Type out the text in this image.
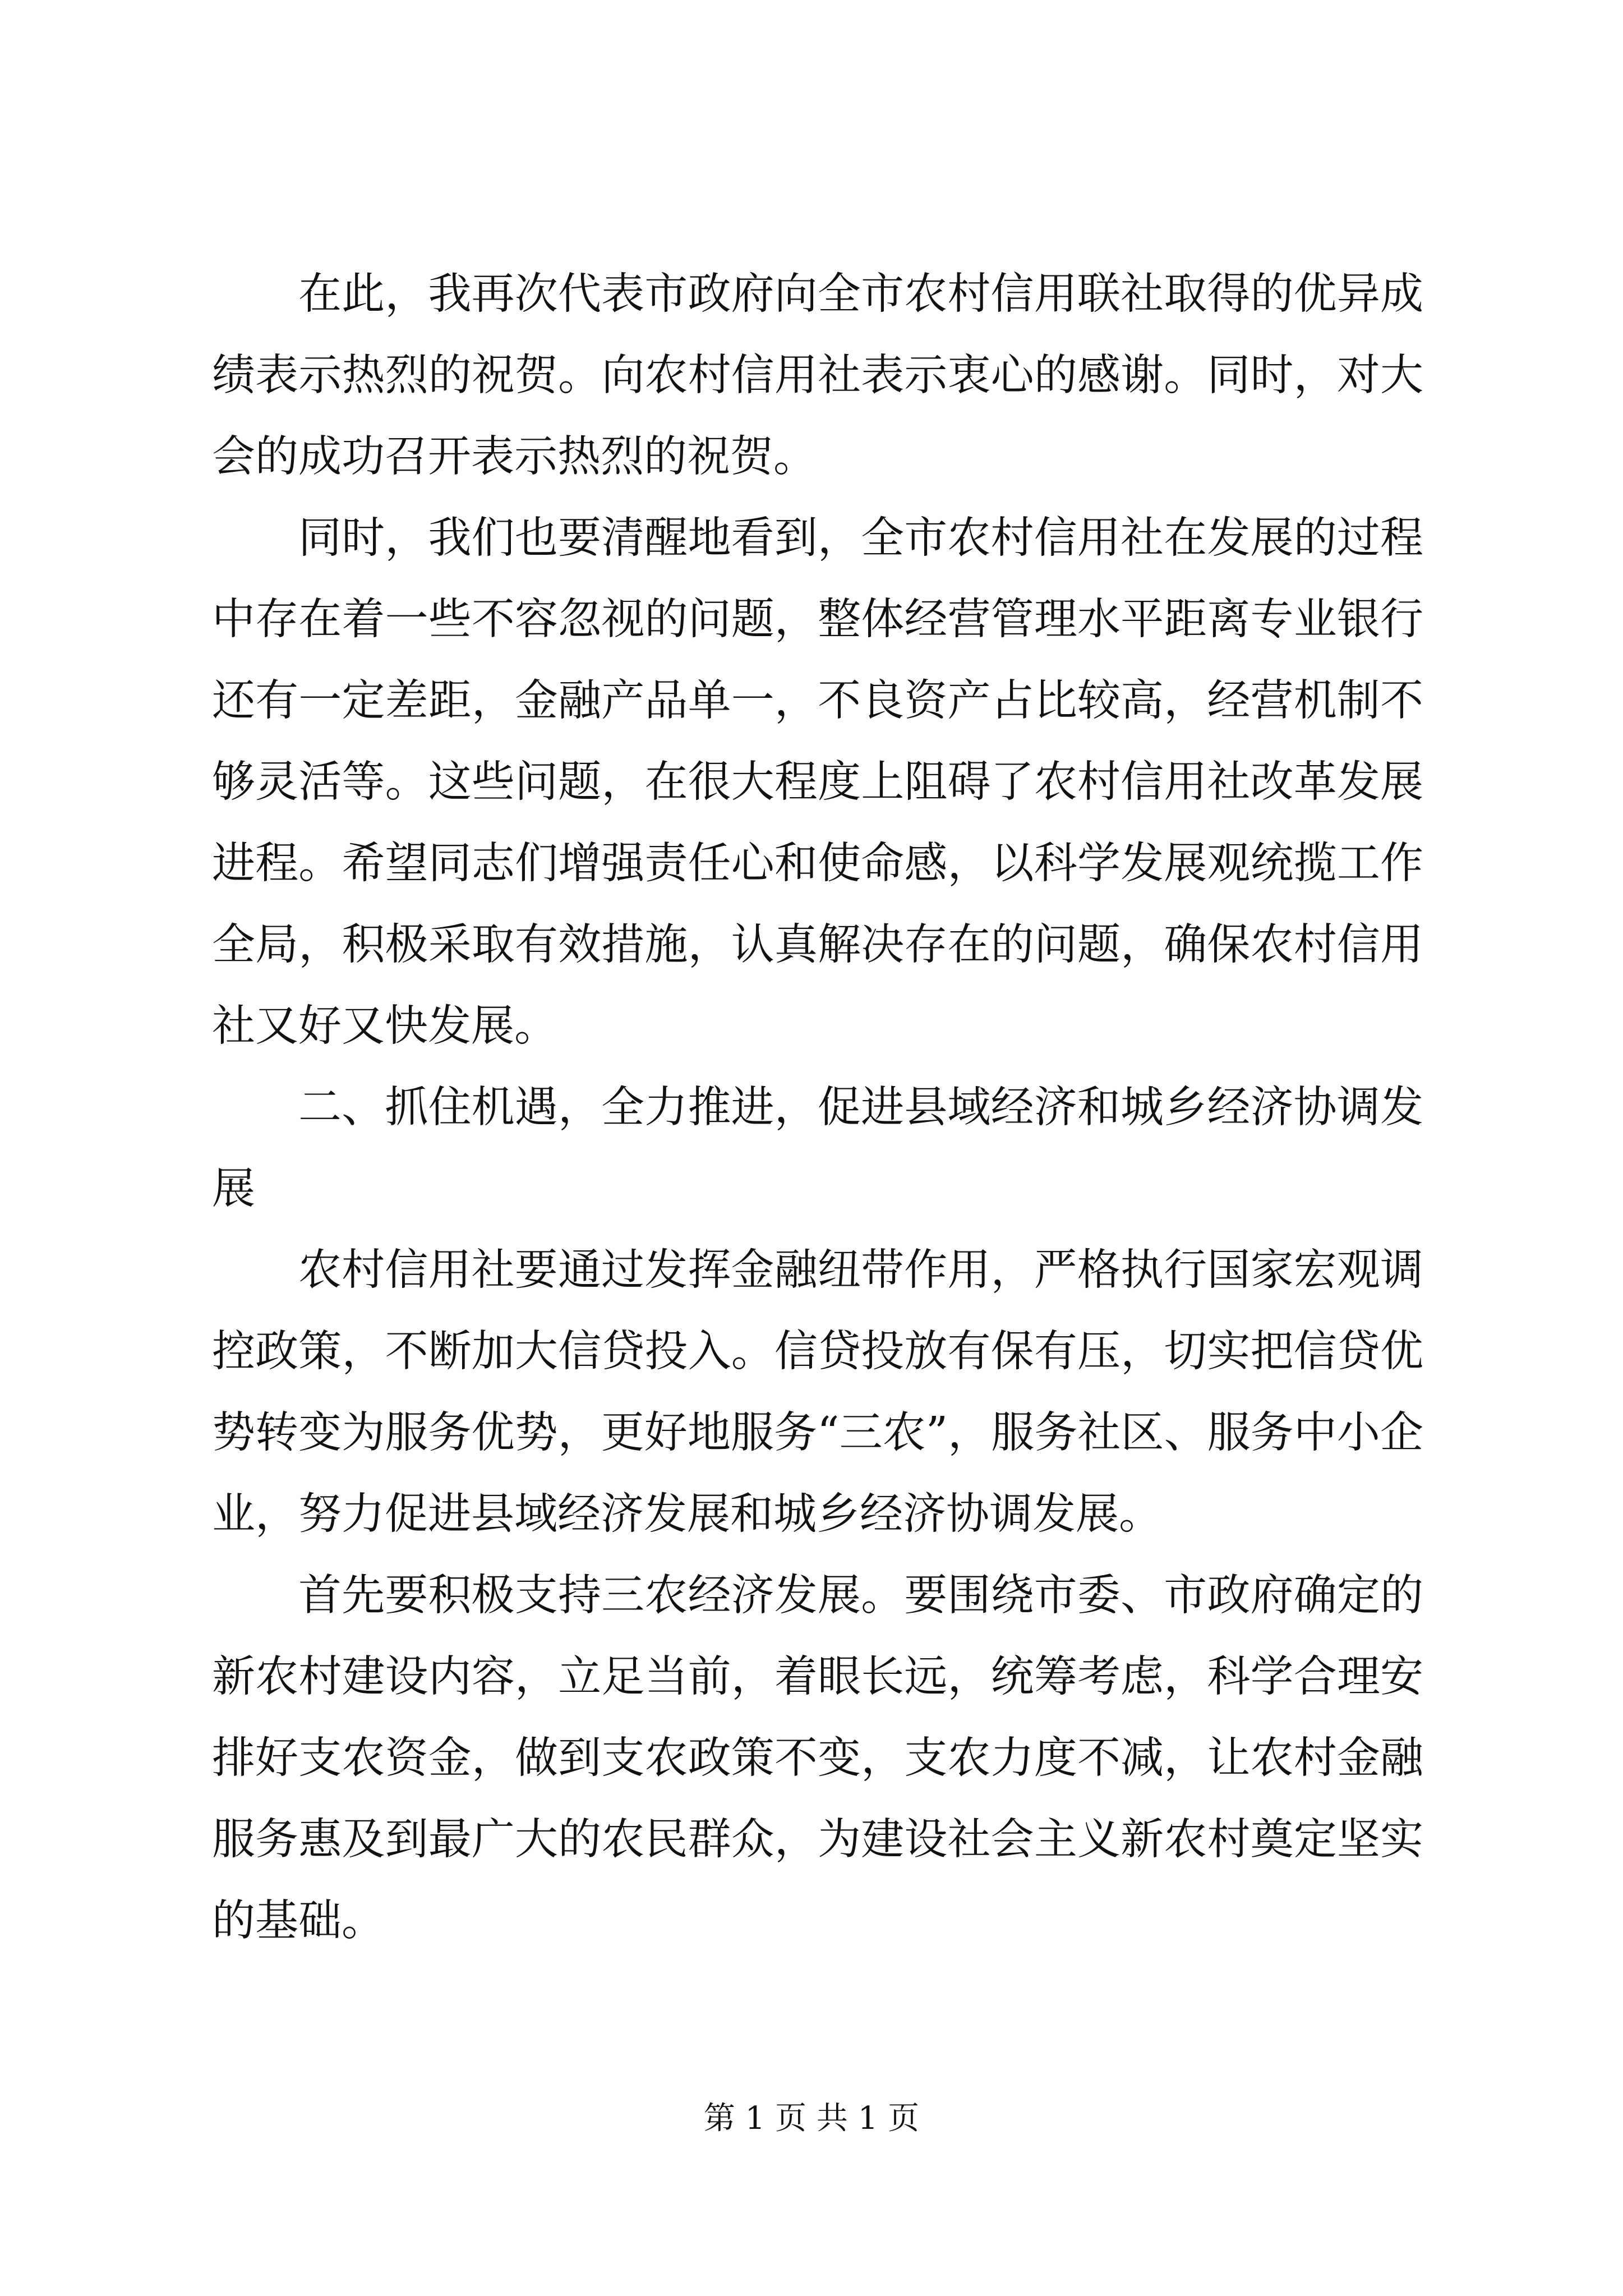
在此，我再次代表市政府向全市农村信用联社取得的优异成绩表示热烈的祝贺。向农村信用社表示衷心的感谢。同时，对大会的成功召开表示热烈的祝贺。

同时，我们也要清醒地看到，全市农村信用社在发展的过程中存在着一些不容忽视的问题，整体经营管理水平距离专业银行还有一定差距，金融产品单一，不良资产占比较高，经营机制不够灵活等。这些问题，在很大程度上阻碍了农村信用社改革发展进程。希望同志们增强责任心和使命感，以科学发展观统揽工作全局，积极采取有效措施，认真解决存在的问题，确保农村信用社又好又快发展。

二、抓住机遇，全力推进，促进县域经济和城乡经济协调发展

农村信用社要通过发挥金融纽带作用，严格执行国家宏观调控政策，不断加大信贷投入。信贷投放有保有压，切实把信贷优势转变为服务优势，更好地服务“三农”，服务社区、服务中小企业，努力促进县域经济发展和城乡经济协调发展。

首先要积极支持三农经济发展。要围绕市委、市政府确定的新农村建设内容，立足当前，着眼长远，统筹考虑，科学合理安排好支农资金，做到支农政策不变，支农力度不减，让农村金融服务惠及到最广大的农民群众，为建设社会主义新农村奠定坚实的基础。

第 1 页 共 1 页
